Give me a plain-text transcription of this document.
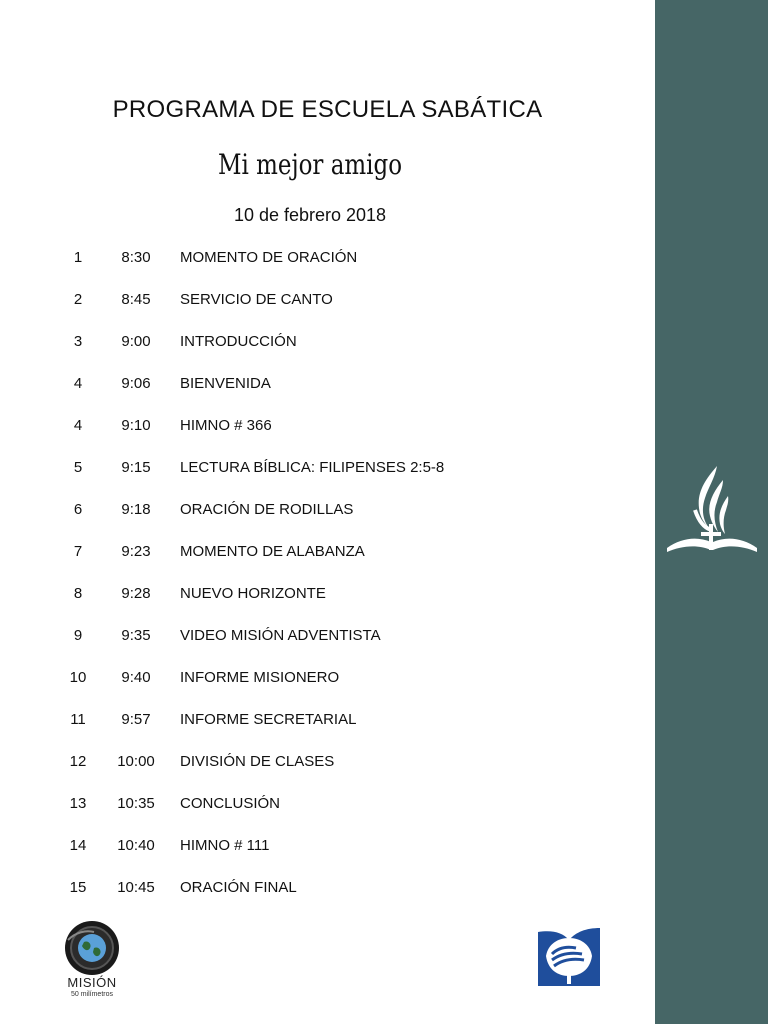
PROGRAMA DE ESCUELA SABÁTICA
Mi mejor amigo
10 de febrero 2018
1	8:30	MOMENTO DE ORACIÓN
2	8:45	SERVICIO DE CANTO
3	9:00	INTRODUCCIÓN
4	9:06	BIENVENIDA
4	9:10	HIMNO # 366
5	9:15	LECTURA BÍBLICA: FILIPENSES 2:5-8
6	9:18	ORACIÓN DE RODILLAS
7	9:23	MOMENTO DE ALABANZA
8	9:28	NUEVO HORIZONTE
9	9:35	VIDEO MISIÓN ADVENTISTA
10	9:40	INFORME MISIONERO
11	9:57	INFORME SECRETARIAL
12	10:00	DIVISIÓN DE CLASES
13	10:35	CONCLUSIÓN
14	10:40	HIMNO # 111
15	10:45	ORACIÓN FINAL
MISIÓN
50 milímetros
